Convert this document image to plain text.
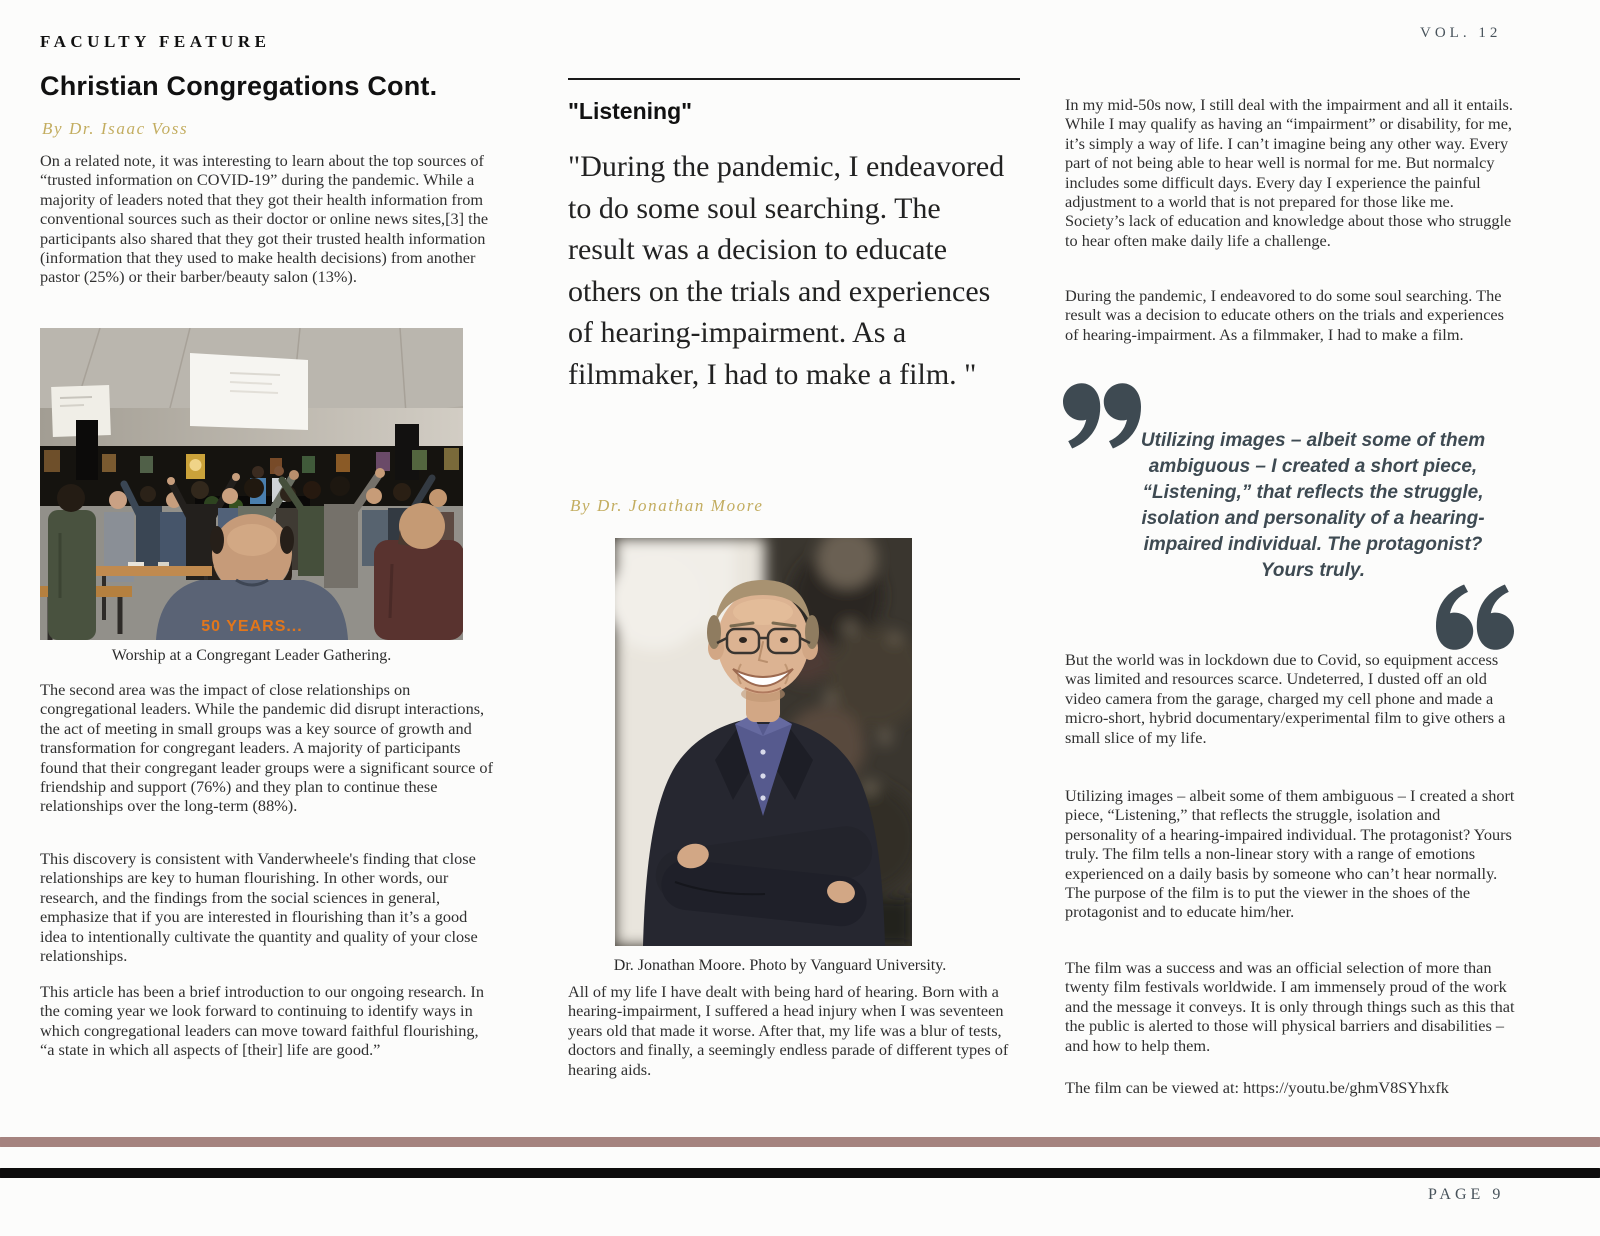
FACULTY FEATURE	VOL. 12
Christian Congregations Cont.
By Dr. Isaac Voss

On a related note, it was interesting to learn about the top sources of “trusted information on COVID-19” during the pandemic. While a majority of leaders noted that they got their health information from conventional sources such as their doctor or online news sites,[3] the participants also shared that they got their trusted health information (information that they used to make health decisions) from another pastor (25%) or their barber/beauty salon (13%).

50 YEARS...
Worship at a Congregant Leader Gathering.

The second area was the impact of close relationships on congregational leaders. While the pandemic did disrupt interactions, the act of meeting in small groups was a key source of growth and transformation for congregant leaders. A majority of participants found that their congregant leader groups were a significant source of friendship and support (76%) and they plan to continue these relationships over the long-term (88%).

This discovery is consistent with Vanderwheele's finding that close relationships are key to human flourishing. In other words, our research, and the findings from the social sciences in general, emphasize that if you are interested in flourishing than it’s a good idea to intentionally cultivate the quantity and quality of your close relationships.

This article has been a brief introduction to our ongoing research. In the coming year we look forward to continuing to identify ways in which congregational leaders can move toward faithful flourishing, “a state in which all aspects of [their] life are good.”

"Listening"
"During the pandemic, I endeavored to do some soul searching. The result was a decision to educate others on the trials and experiences of hearing-impairment. As a filmmaker, I had to make a film. "
By Dr. Jonathan Moore
Dr. Jonathan Moore. Photo by Vanguard University.

All of my life I have dealt with being hard of hearing. Born with a hearing-impairment, I suffered a head injury when I was seventeen years old that made it worse. After that, my life was a blur of tests, doctors and finally, a seemingly endless parade of different types of hearing aids.

In my mid-50s now, I still deal with the impairment and all it entails. While I may qualify as having an “impairment” or disability, for me, it’s simply a way of life. I can’t imagine being any other way. Every part of not being able to hear well is normal for me. But normalcy includes some difficult days. Every day I experience the painful adjustment to a world that is not prepared for those like me. Society’s lack of education and knowledge about those who struggle to hear often make daily life a challenge.

During the pandemic, I endeavored to do some soul searching. The result was a decision to educate others on the trials and experiences of hearing-impairment. As a filmmaker, I had to make a film.

Utilizing images – albeit some of them ambiguous – I created a short piece, “Listening,” that reflects the struggle, isolation and personality of a hearing-impaired individual. The protagonist? Yours truly.

But the world was in lockdown due to Covid, so equipment access was limited and resources scarce. Undeterred, I dusted off an old video camera from the garage, charged my cell phone and made a micro-short, hybrid documentary/experimental film to give others a small slice of my life.

Utilizing images – albeit some of them ambiguous – I created a short piece, “Listening,” that reflects the struggle, isolation and personality of a hearing-impaired individual. The protagonist? Yours truly. The film tells a non-linear story with a range of emotions experienced on a daily basis by someone who can’t hear normally. The purpose of the film is to put the viewer in the shoes of the protagonist and to educate him/her.

The film was a success and was an official selection of more than twenty film festivals worldwide. I am immensely proud of the work and the message it conveys. It is only through things such as this that the public is alerted to those will physical barriers and disabilities – and how to help them.

The film can be viewed at: https://youtu.be/ghmV8SYhxfk

PAGE 9
